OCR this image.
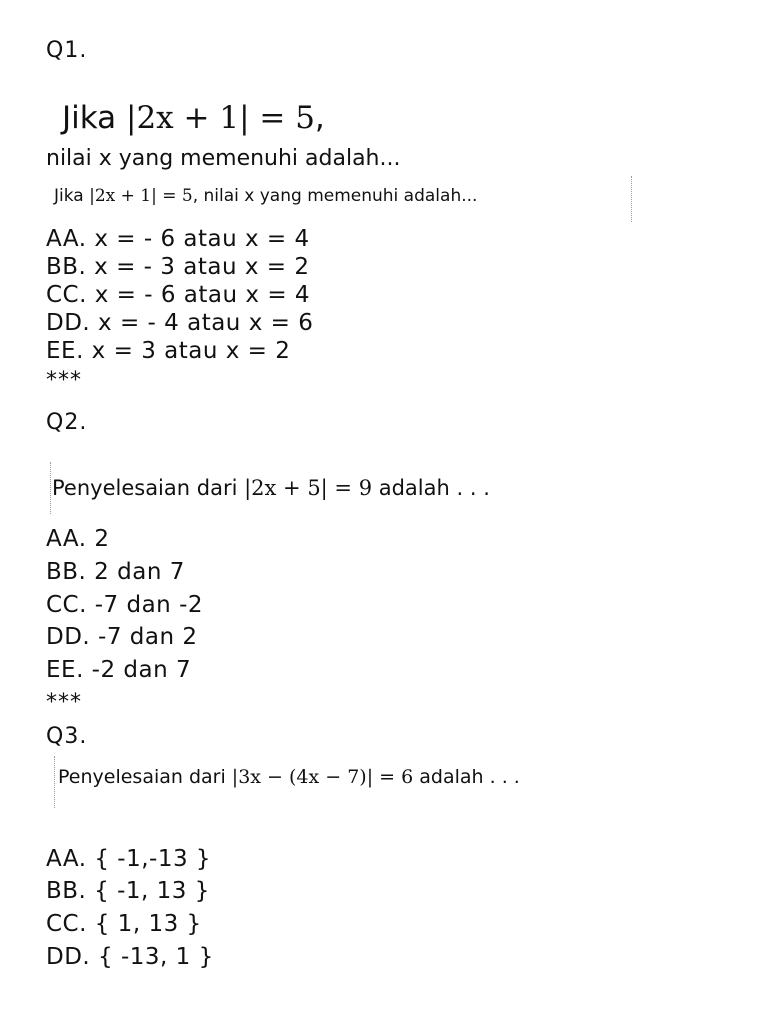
Q1.
Jika |2x + 1| = 5,
nilai x yang memenuhi adalah...
Jika |2x + 1| = 5, nilai x yang memenuhi adalah...
AA. x = - 6 atau x = 4
BB. x = - 3 atau x = 2
CC. x = - 6 atau x = 4
DD. x = - 4 atau x = 6
EE. x = 3 atau x = 2
***
Q2.
Penyelesaian dari |2x + 5| = 9 adalah . . .
AA. 2
BB. 2 dan 7
CC. -7 dan -2
DD. -7 dan 2
EE. -2 dan 7
***
Q3.
Penyelesaian dari |3x − (4x − 7)| = 6 adalah . . .
AA. { -1,-13 }
BB. { -1, 13 }
CC. { 1, 13 }
DD. { -13, 1 }
